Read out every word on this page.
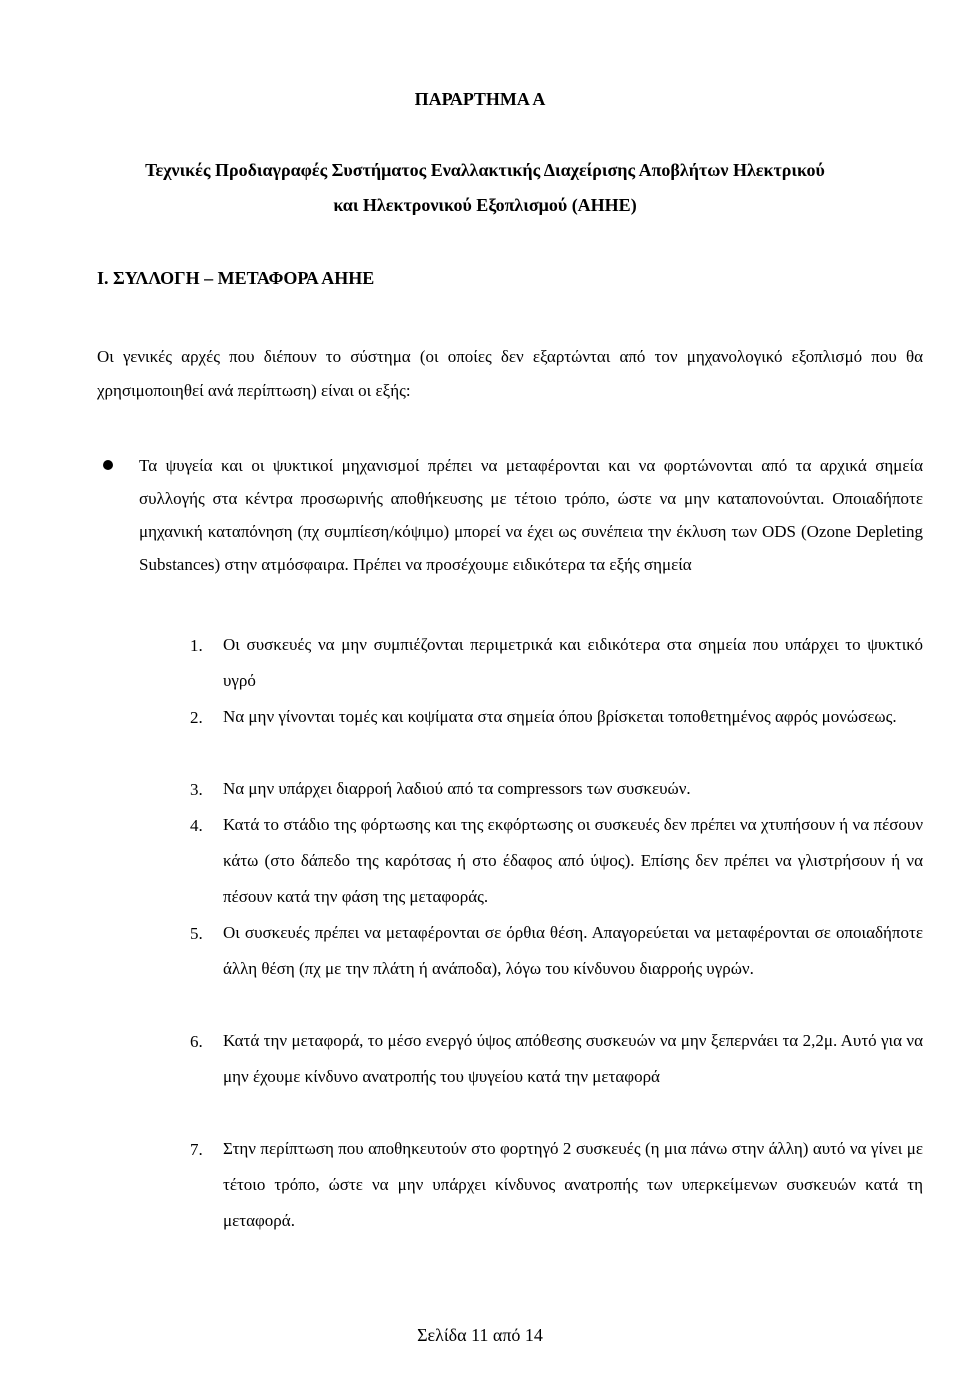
ΠΑΡΑΡΤΗΜΑ Α
Τεχνικές Προδιαγραφές Συστήματος Εναλλακτικής Διαχείρισης Αποβλήτων Ηλεκτρικού
και Ηλεκτρονικού Εξοπλισμού (ΑΗΗΕ)
Ι. ΣΥΛΛΟΓΗ – ΜΕΤΑΦΟΡΑ ΑΗΗΕ
Οι γενικές αρχές που διέπουν το σύστημα (οι οποίες δεν εξαρτώνται από τον μηχανολογικό εξοπλισμό που θα χρησιμοποιηθεί ανά περίπτωση) είναι οι εξής:
Τα ψυγεία και οι ψυκτικοί μηχανισμοί πρέπει να μεταφέρονται και να φορτώνονται από τα αρχικά σημεία συλλογής στα κέντρα προσωρινής αποθήκευσης με τέτοιο τρόπο, ώστε να μην καταπονούνται. Οποιαδήποτε μηχανική καταπόνηση (πχ συμπίεση/κόψιμο) μπορεί να έχει ως συνέπεια την έκλυση των ODS (Ozone Depleting Substances) στην ατμόσφαιρα. Πρέπει να προσέχουμε ειδικότερα τα εξής σημεία
1.	Οι συσκευές να μην συμπιέζονται περιμετρικά και ειδικότερα στα σημεία που υπάρχει το ψυκτικό υγρό
2.	Να μην γίνονται τομές και κοψίματα στα σημεία όπου βρίσκεται τοποθετημένος αφρός μονώσεως.
3.	Να μην υπάρχει διαρροή λαδιού από τα compressors των συσκευών.
4.	Κατά το στάδιο της φόρτωσης και της εκφόρτωσης οι συσκευές δεν πρέπει να χτυπήσουν ή να πέσουν κάτω (στο δάπεδο της καρότσας ή στο έδαφος από ύψος). Επίσης δεν πρέπει να γλιστρήσουν ή να πέσουν κατά την φάση της μεταφοράς.
5.	Οι συσκευές πρέπει να μεταφέρονται σε όρθια θέση. Απαγορεύεται να μεταφέρονται σε οποιαδήποτε άλλη θέση (πχ με την πλάτη ή ανάποδα), λόγω του κίνδυνου διαρροής υγρών.
6.	Κατά την μεταφορά, το μέσο ενεργό ύψος απόθεσης συσκευών να μην ξεπερνάει τα 2,2μ. Αυτό για να μην έχουμε κίνδυνο ανατροπής του ψυγείου κατά την μεταφορά
7.	Στην περίπτωση που αποθηκευτούν στο φορτηγό 2 συσκευές (η μια πάνω στην άλλη) αυτό να γίνει με τέτοιο τρόπο, ώστε να μην υπάρχει κίνδυνος ανατροπής των υπερκείμενων συσκευών κατά τη μεταφορά.
Σελίδα 11 από 14
